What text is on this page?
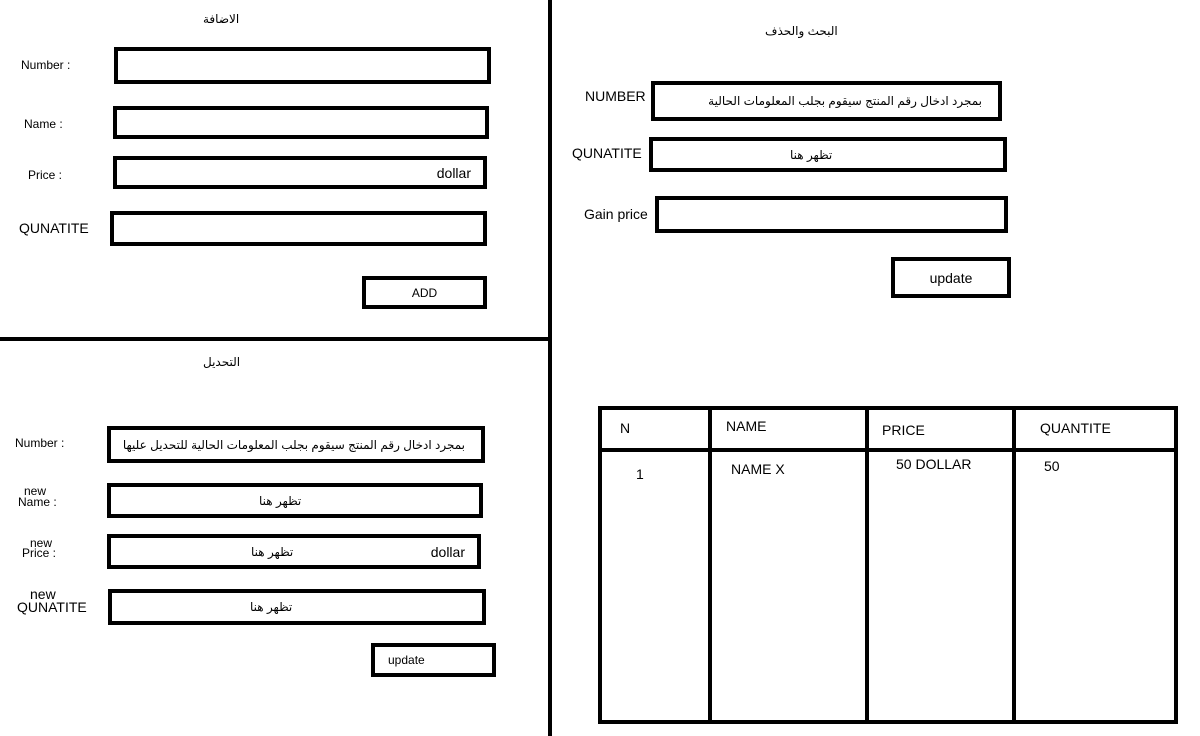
الاضافة
Number :
Name :
Price :	dollar
QUNATITE
ADD
البحث والحذف
NUMBER	بمجرد ادخال رقم المنتج سيقوم بجلب المعلومات الحالية
QUNATITE	تظهر هنا
Gain price
update
التحديل
Number :	بمجرد ادخال رقم المنتج سيقوم بجلب المعلومات الحالية للتحديل عليها
new
Name :	تظهر هنا
new
Price :	تظهر هنا	dollar
new
QUNATITE	تظهر هنا
update
N	NAME	PRICE	QUANTITE
1	NAME X	50 DOLLAR	50
